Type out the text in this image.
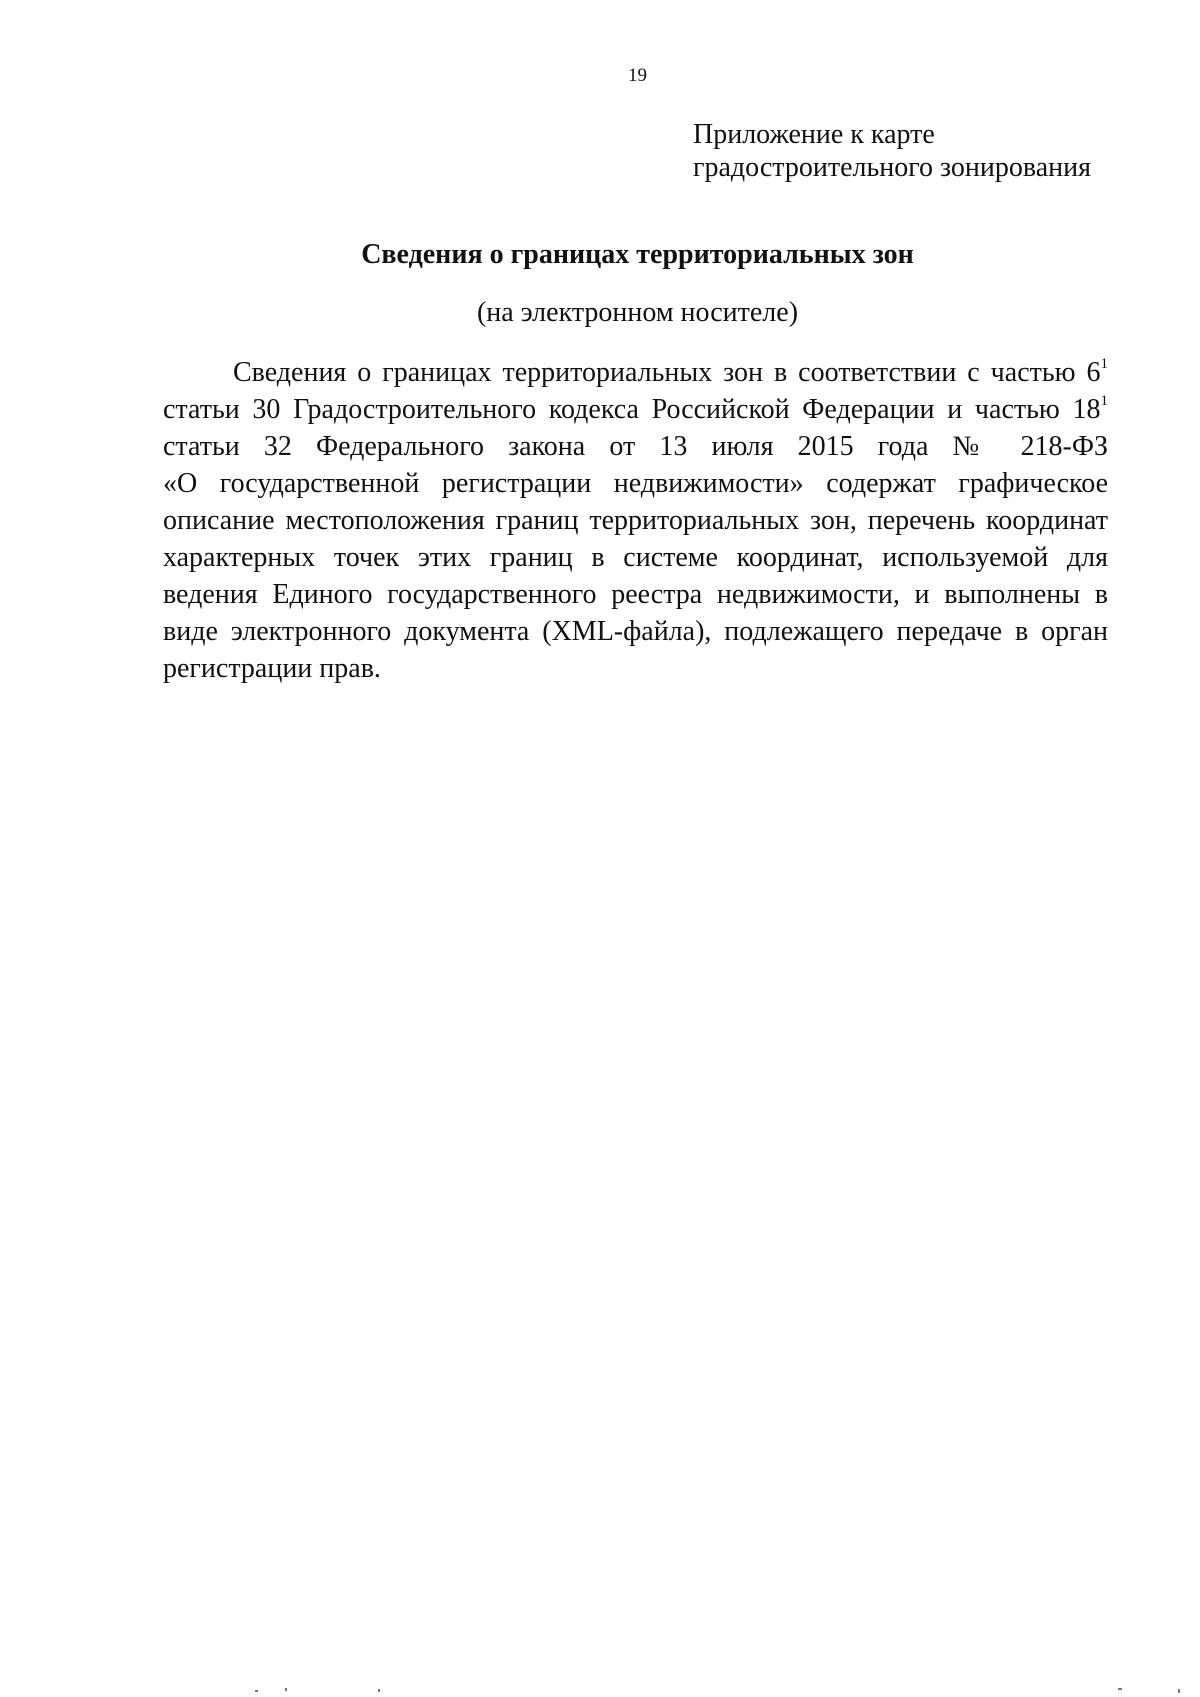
19
Приложение к карте
градостроительного зонирования
Сведения о границах территориальных зон
(на электронном носителе)
Сведения о границах территориальных зон в соответствии с частью $6^1$
статьи 30 Градостроительного кодекса Российской Федерации и частью $18^1$
статьи 32 Федерального закона от 13 июля 2015 года № 218-ФЗ
«О государственной регистрации недвижимости» содержат графическое
описание местоположения границ территориальных зон, перечень координат
характерных точек этих границ в системе координат, используемой для
ведения Единого государственного реестра недвижимости, и выполнены в
виде электронного документа (XML-файла), подлежащего передаче в орган
регистрации прав.
